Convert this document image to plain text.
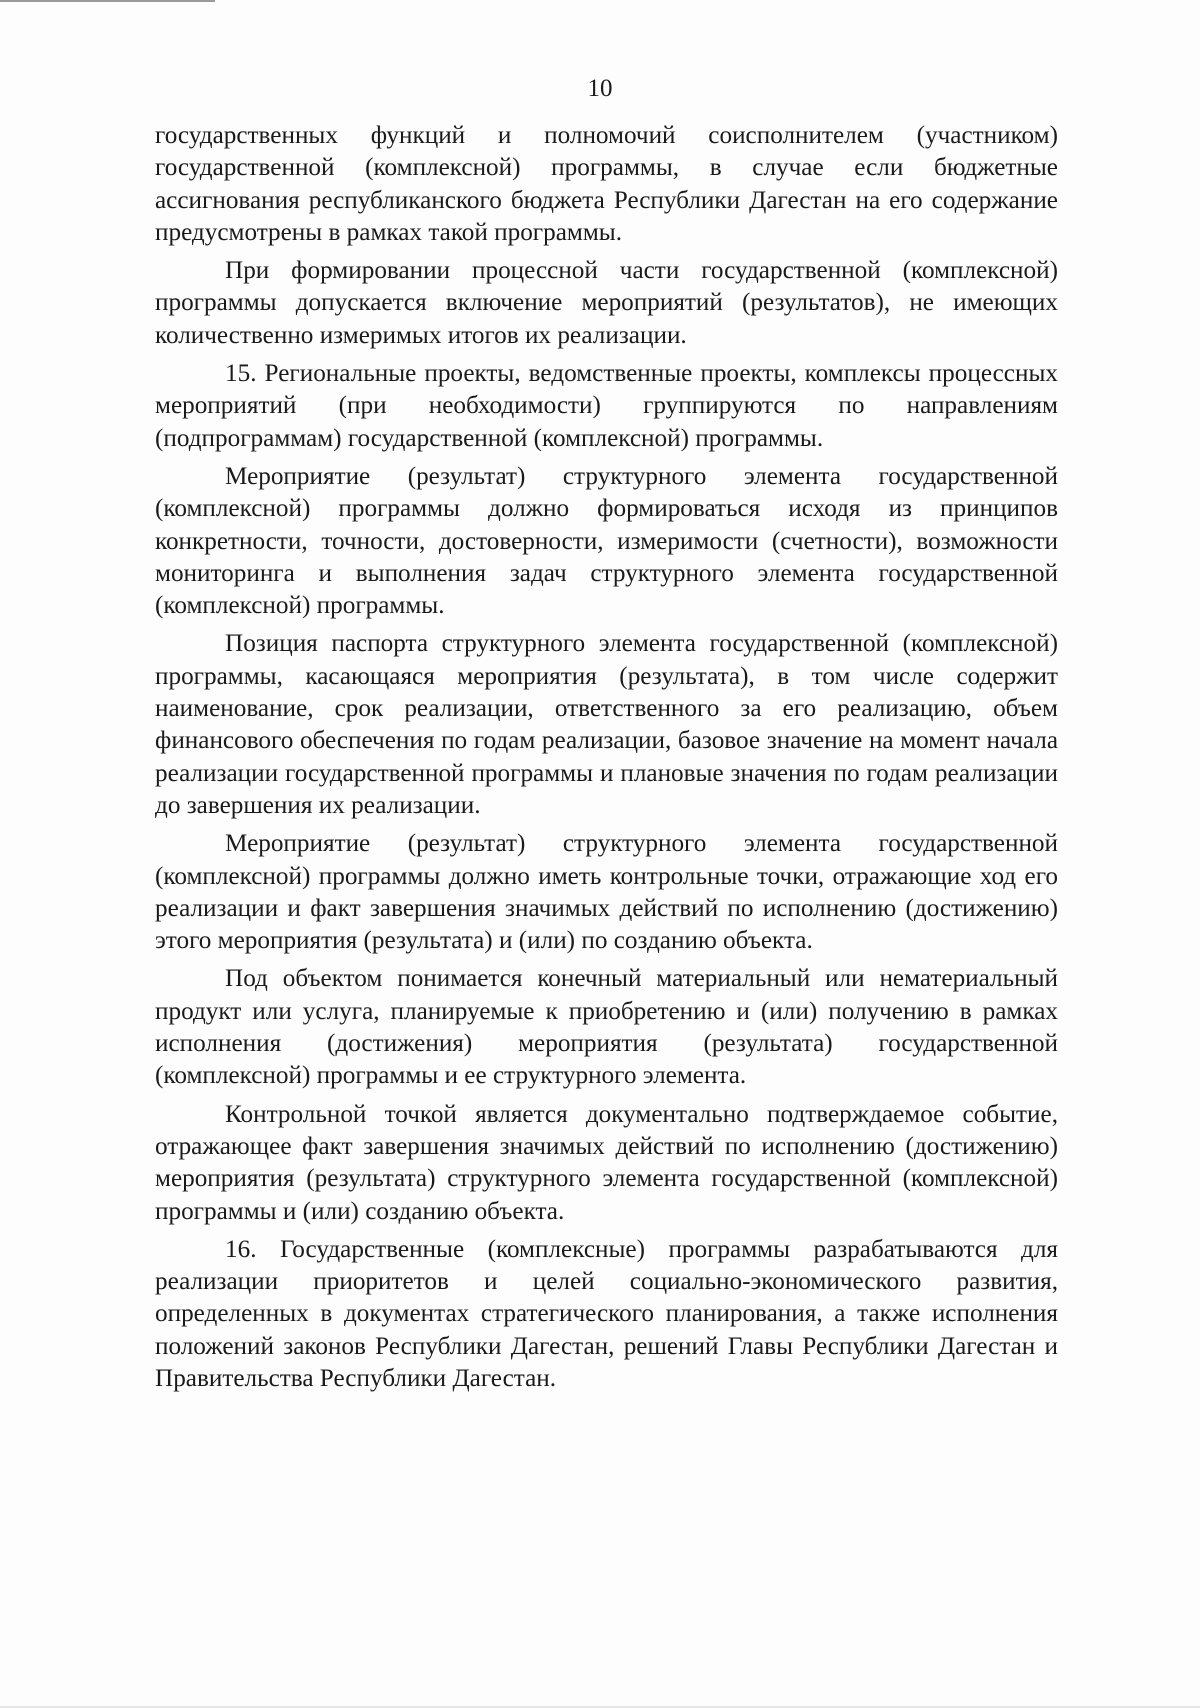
10

государственных функций и полномочий соисполнителем (участником) государственной (комплексной) программы, в случае если бюджетные ассигнования республиканского бюджета Республики Дагестан на его содержание предусмотрены в рамках такой программы.

При формировании процессной части государственной (комплексной) программы допускается включение мероприятий (результатов), не имеющих количественно измеримых итогов их реализации.

15. Региональные проекты, ведомственные проекты, комплексы процессных мероприятий (при необходимости) группируются по направлениям (подпрограммам) государственной (комплексной) программы.

Мероприятие (результат) структурного элемента государственной (комплексной) программы должно формироваться исходя из принципов конкретности, точности, достоверности, измеримости (счетности), возможности мониторинга и выполнения задач структурного элемента государственной (комплексной) программы.

Позиция паспорта структурного элемента государственной (комплексной) программы, касающаяся мероприятия (результата), в том числе содержит наименование, срок реализации, ответственного за его реализацию, объем финансового обеспечения по годам реализации, базовое значение на момент начала реализации государственной программы и плановые значения по годам реализации до завершения их реализации.

Мероприятие (результат) структурного элемента государственной (комплексной) программы должно иметь контрольные точки, отражающие ход его реализации и факт завершения значимых действий по исполнению (достижению) этого мероприятия (результата) и (или) по созданию объекта.

Под объектом понимается конечный материальный или нематериальный продукт или услуга, планируемые к приобретению и (или) получению в рамках исполнения (достижения) мероприятия (результата) государственной (комплексной) программы и ее структурного элемента.

Контрольной точкой является документально подтверждаемое событие, отражающее факт завершения значимых действий по исполнению (достижению) мероприятия (результата) структурного элемента государственной (комплексной) программы и (или) созданию объекта.

16. Государственные (комплексные) программы разрабатываются для реализации приоритетов и целей социально-экономического развития, определенных в документах стратегического планирования, а также исполнения положений законов Республики Дагестан, решений Главы Республики Дагестан и Правительства Республики Дагестан.
